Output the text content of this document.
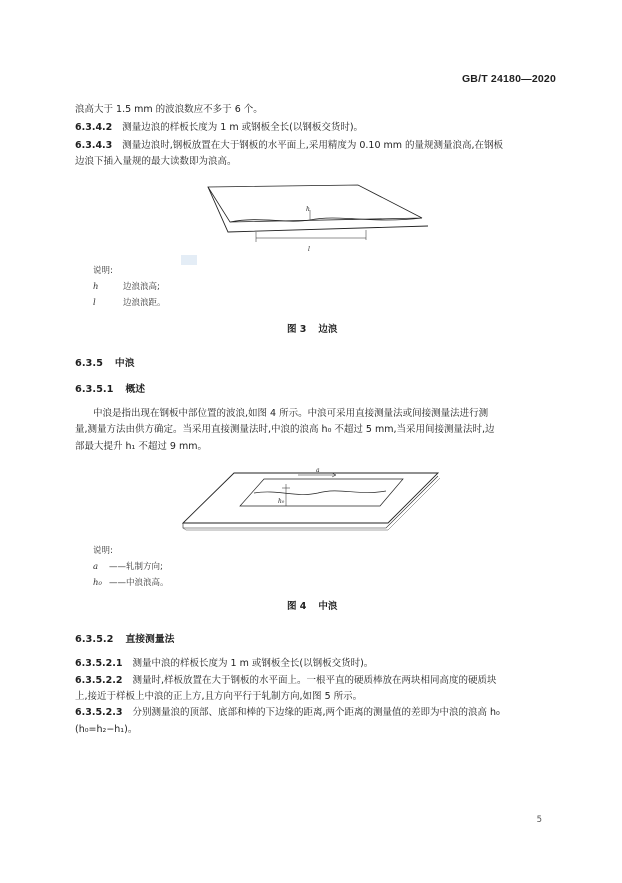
GB/T 24180—2020
浪高大于 1.5 mm 的波浪数应不多于 6 个。
6.3.4.2 测量边浪的样板长度为 1 m 或钢板全长(以钢板交货时)。
6.3.4.3 测量边浪时,钢板放置在大于钢板的水平面上,采用精度为 0.10 mm 的量规测量浪高,在钢板
边浪下插入量规的最大读数即为浪高。
h
l
说明:
h	边浪浪高;
l	边浪浪距。
图 3 边浪
6.3.5 中浪
6.3.5.1 概述
中浪是指出现在钢板中部位置的波浪,如图 4 所示。中浪可采用直接测量法或间接测量法进行测
量,测量方法由供方确定。当采用直接测量法时,中浪的浪高 h₀ 不超过 5 mm,当采用间接测量法时,边
部最大提升 h₁ 不超过 9 mm。
h₀
a
说明:
a ——轧制方向;
h₀ ——中浪浪高。
图 4 中浪
6.3.5.2 直接测量法
6.3.5.2.1 测量中浪的样板长度为 1 m 或钢板全长(以钢板交货时)。
6.3.5.2.2 测量时,样板放置在大于钢板的水平面上。一根平直的硬质棒放在两块相同高度的硬质块
上,接近于样板上中浪的正上方,且方向平行于轧制方向,如图 5 所示。
6.3.5.2.3 分别测量浪的顶部、底部和棒的下边缘的距离,两个距离的测量值的差即为中浪的浪高 h₀
(h₀=h₂−h₁)。
5
